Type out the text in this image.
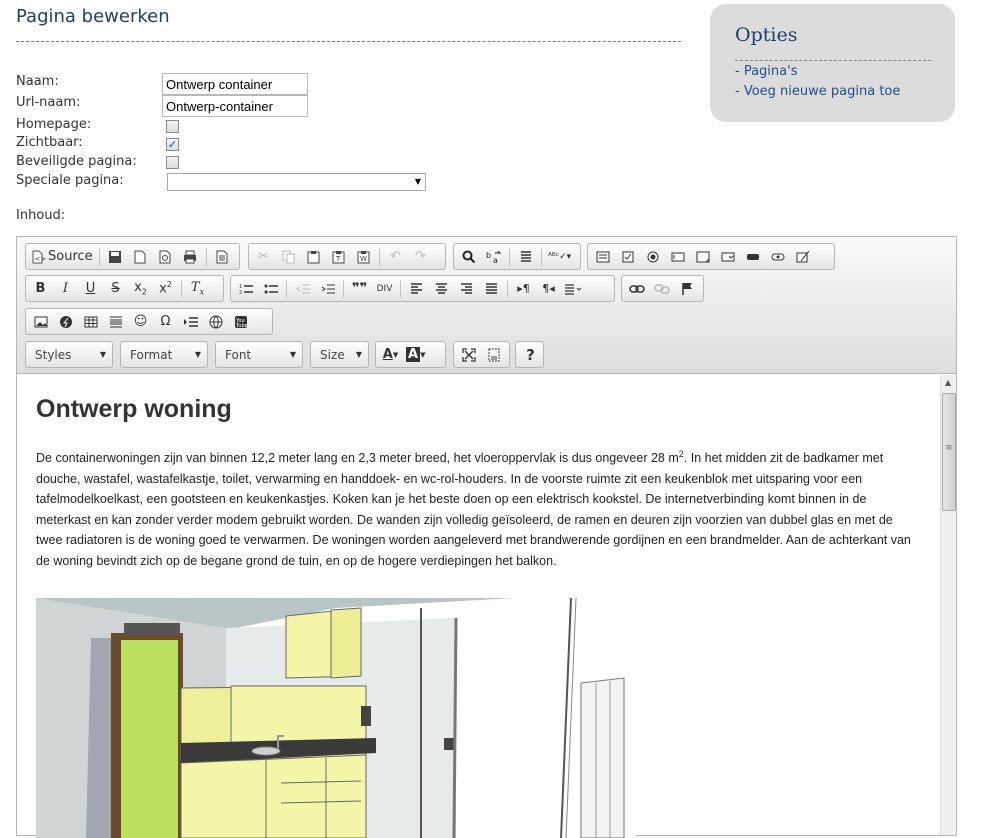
Pagina bewerken
Naam:
Ontwerp container
Url-naam:
Ontwerp-container
Homepage:
Zichtbaar:	✓
Beveiligde pagina:
Speciale pagina:	▼
Inhoud:
Opties
- Pagina's
- Voeg nieuwe pagina toe
<> Source	✂	T	W ↶ ↷	b
a	ᴬᴮᶜ✓▾
B I U S $x_2$ $x^2$ $T_x$
1
2	❞❞ DIV	▸¶ ¶◂
☺ Ω	You
Tube
Styles	▼ Format	▼ Font	▼ Size ▼ A ▼ A ▼	?
Ontwerp woning
De containerwoningen zijn van binnen 12,2 meter lang en 2,3 meter breed, het vloeroppervlak is dus ongeveer 28 $m^2$. In het midden zit de badkamer met douche, wastafel, wastafelkastje, toilet, verwarming en handdoek- en wc-rol-houders. In de voorste ruimte zit een keukenblok met uitsparing voor een tafelmodelkoelkast, een gootsteen en keukenkastjes. Koken kan je het beste doen op een elektrisch kookstel. De internetverbinding komt binnen in de meterkast en kan zonder verder modem gebruikt worden. De wanden zijn volledig geïsoleerd, de ramen en deuren zijn voorzien van dubbel glas en met de twee radiatoren is de woning goed te verwarmen. De woningen worden aangeleverd met brandwerende gordijnen en een brandmelder. Aan de achterkant van de woning bevindt zich op de begane grond de tuin, en op de hogere verdiepingen het balkon.
▲
≡
